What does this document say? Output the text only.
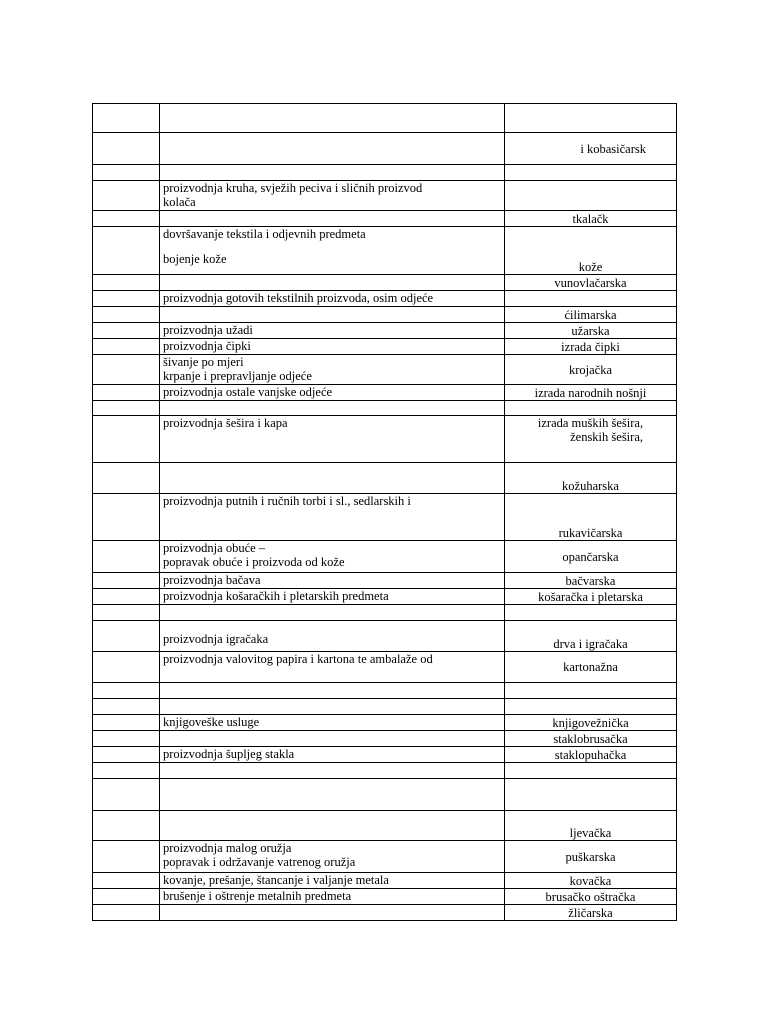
		i kobasičarsk

	proizvodnja kruha, svježih peciva i sličnih proizvod
kolača	

		tkalačk

	dovršavanje tekstila i odjevnih predmeta
bojenje kože	kože

		vunovlačarska

	proizvodnja gotovih tekstilnih proizvoda, osim odjeće	

		ćilimarska

	proizvodnja užadi	užarska

	proizvodnja čipki	izrada čipki

	šivanje po mjeri
krpanje i prepravljanje odjeće	krojačka

	proizvodnja ostale vanjske odjeće	izrada narodnih nošnji

	proizvodnja šešira i kapa	izrada muških šešira,
ženskih šešira,

		kožuharska

	proizvodnja putnih i ručnih torbi i sl., sedlarskih i	rukavičarska

	proizvodnja obuće –
popravak obuće i proizvoda od kože	opančarska

	proizvodnja bačava	bačvarska

	proizvodnja košaračkih i pletarskih predmeta	košaračka i pletarska

	proizvodnja igračaka	drva i igračaka

	proizvodnja valovitog papira i kartona te ambalaže od	kartonažna

	knjigoveške usluge	knjigovežnička

		staklobrusačka

	proizvodnja šupljeg stakla	staklopuhačka

		ljevačka

	proizvodnja malog oružja
popravak i održavanje vatrenog oružja	puškarska

	kovanje, prešanje, štancanje i valjanje metala	kovačka

	brušenje i oštrenje metalnih predmeta	brusačko oštračka

		žličarska
